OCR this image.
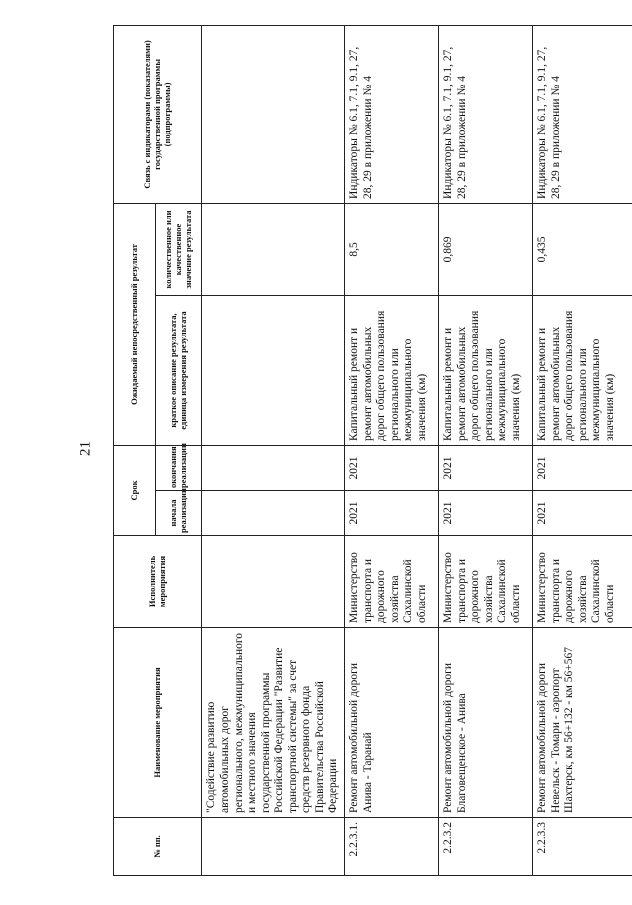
21
№ пп.	Наименование мероприятия	Исполнитель мероприятия	Срок		Ожидаемый непосредственный результат		Связь с индикаторами (показателями) государственной программы (подпрограммы)
			начала реализации	окончания реализации	краткое описание результата, единица измерения результата	количественное или качественное значение результата	
	"Содействие развитию автомобильных дорог регионального, межмуниципального и местного значения государственной программы Российской Федерации "Развитие транспортной системы" за счет средств резервного фонда Правительства Российской Федерации						
2.2.3.1.	Ремонт автомобильной дороги Анива - Таранай	Министерство транспорта и дорожного хозяйства Сахалинской области	2021	2021	Капитальный ремонт и ремонт автомобильных дорог общего пользования регионального или межмуниципального значения (км)	8,5	Индикаторы № 6.1, 7.1, 9.1, 27, 28, 29 в приложении № 4
2.2.3.2	Ремонт автомобильной дороги Благовещенское - Анива	Министерство транспорта и дорожного хозяйства Сахалинской области	2021	2021	Капитальный ремонт и ремонт автомобильных дорог общего пользования регионального или межмуниципального значения (км)	0,869	Индикаторы № 6.1, 7.1, 9.1, 27, 28, 29 в приложении № 4
2.2.3.3	Ремонт автомобильной дороги Невельск - Томари - аэропорт Шахтерск, км 56+132 - км 56+567	Министерство транспорта и дорожного хозяйства Сахалинской области	2021	2021	Капитальный ремонт и ремонт автомобильных дорог общего пользования регионального или межмуниципального значения (км)	0,435	Индикаторы № 6.1, 7.1, 9.1, 27, 28, 29 в приложении № 4
